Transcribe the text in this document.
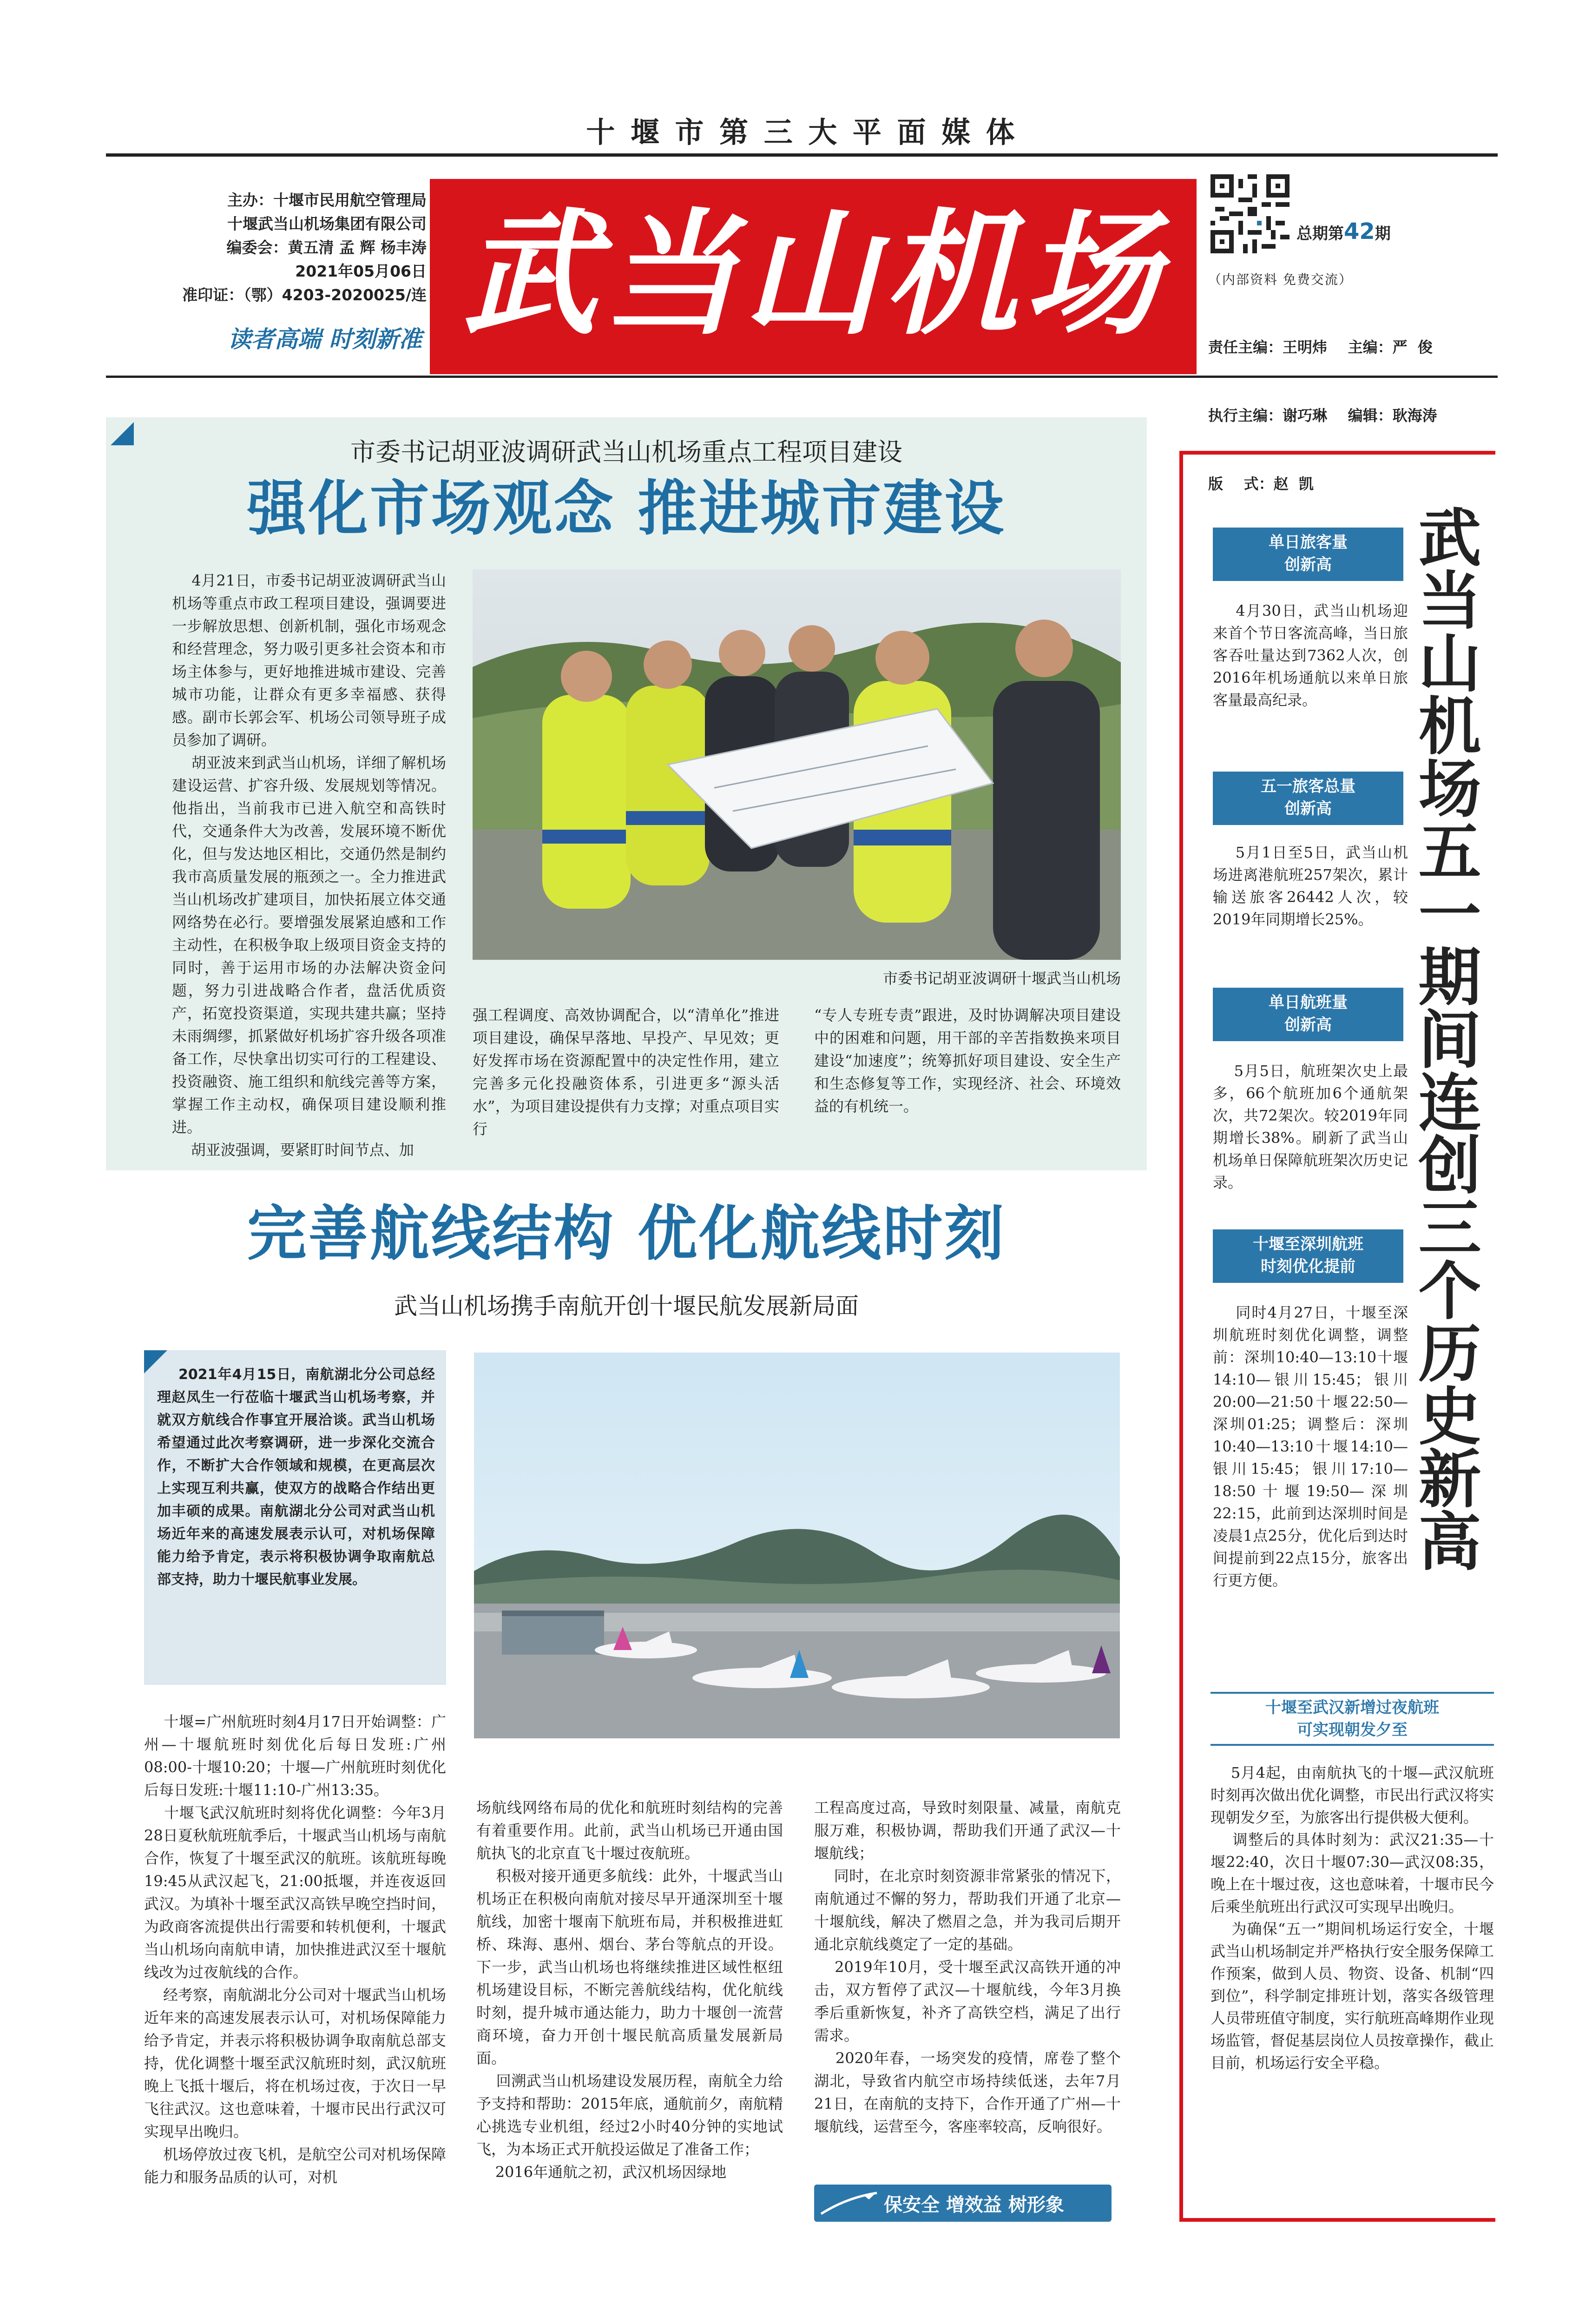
十 堰 市 第 三 大 平 面 媒 体
主办：十堰市民用航空管理局
十堰武当山机场集团有限公司
编委会：黄五清 孟 辉 杨丰涛
2021年05月06日
准印证：（鄂）4203-2020025/连
读者高端 时刻新准 武当山机场	总期第42期
（内部资料 免费交流）

责任主编：王明炜    主编：严  俊

执行主编：谢巧琳    编辑：耿海涛

版    式：赵  凯

市委书记胡亚波调研武当山机场重点工程项目建设
强化市场观念 推进城市建设
4月21日，市委书记胡亚波调研武当山机场等重点市政工程项目建设，强调要进一步解放思想、创新机制，强化市场观念和经营理念，努力吸引更多社会资本和市场主体参与，更好地推进城市建设、完善城市功能，让群众有更多幸福感、获得感。副市长郭会军、机场公司领导班子成员参加了调研。
胡亚波来到武当山机场，详细了解机场建设运营、扩容升级、发展规划等情况。他指出，当前我市已进入航空和高铁时代，交通条件大为改善，发展环境不断优化，但与发达地区相比，交通仍然是制约我市高质量发展的瓶颈之一。全力推进武当山机场改扩建项目，加快拓展立体交通网络势在必行。要增强发展紧迫感和工作主动性，在积极争取上级项目资金支持的同时，善于运用市场的办法解决资金问题，努力引进战略合作者，盘活优质资产，拓宽投资渠道，实现共建共赢；坚持未雨绸缪，抓紧做好机场扩容升级各项准备工作，尽快拿出切实可行的工程建设、投资融资、施工组织和航线完善等方案，掌握工作主动权，确保项目建设顺利推进。
胡亚波强调，要紧盯时间节点、加
市委书记胡亚波调研十堰武当山机场
强工程调度、高效协调配合，以“清单化”推进项目建设，确保早落地、早投产、早见效；更好发挥市场在资源配置中的决定性作用，建立完善多元化投融资体系，引进更多“源头活水”，为项目建设提供有力支撑；对重点项目实行
“专人专班专责”跟进，及时协调解决项目建设中的困难和问题，用干部的辛苦指数换来项目建设“加速度”；统筹抓好项目建设、安全生产和生态修复等工作，实现经济、社会、环境效益的有机统一。
完善航线结构 优化航线时刻
武当山机场携手南航开创十堰民航发展新局面
2021年4月15日，南航湖北分公司总经理赵凤生一行莅临十堰武当山机场考察，并就双方航线合作事宜开展洽谈。武当山机场希望通过此次考察调研，进一步深化交流合作，不断扩大合作领域和规模，在更高层次上实现互利共赢，使双方的战略合作结出更加丰硕的成果。南航湖北分公司对武当山机场近年来的高速发展表示认可，对机场保障能力给予肯定，表示将积极协调争取南航总部支持，助力十堰民航事业发展。
十堰=广州航班时刻4月17日开始调整：广州—十堰航班时刻优化后每日发班:广州08:00-十堰10:20；十堰—广州航班时刻优化后每日发班:十堰11:10-广州13:35。
十堰飞武汉航班时刻将优化调整：今年3月28日夏秋航班航季后，十堰武当山机场与南航合作，恢复了十堰至武汉的航班。该航班每晚19:45从武汉起飞，21:00抵堰，并连夜返回武汉。为填补十堰至武汉高铁早晚空挡时间，为政商客流提供出行需要和转机便利，十堰武当山机场向南航申请，加快推进武汉至十堰航线改为过夜航线的合作。
经考察，南航湖北分公司对十堰武当山机场近年来的高速发展表示认可，对机场保障能力给予肯定，并表示将积极协调争取南航总部支持，优化调整十堰至武汉航班时刻，武汉航班晚上飞抵十堰后，将在机场过夜，于次日一早飞往武汉。这也意味着，十堰市民出行武汉可实现早出晚归。
机场停放过夜飞机，是航空公司对机场保障能力和服务品质的认可，对机
场航线网络布局的优化和航班时刻结构的完善有着重要作用。此前，武当山机场已开通由国航执飞的北京直飞十堰过夜航班。
积极对接开通更多航线：此外，十堰武当山机场正在积极向南航对接尽早开通深圳至十堰航线，加密十堰南下航班布局，并积极推进虹桥、珠海、惠州、烟台、茅台等航点的开设。下一步，武当山机场也将继续推进区域性枢纽机场建设目标，不断完善航线结构，优化航线时刻，提升城市通达能力，助力十堰创一流营商环境，奋力开创十堰民航高质量发展新局面。
回溯武当山机场建设发展历程，南航全力给予支持和帮助：2015年底，通航前夕，南航精心挑选专业机组，经过2小时40分钟的实地试飞，为本场正式开航投运做足了准备工作；
2016年通航之初，武汉机场因绿地
工程高度过高，导致时刻限量、减量，南航克服万难，积极协调，帮助我们开通了武汉—十堰航线；
同时，在北京时刻资源非常紧张的情况下，南航通过不懈的努力，帮助我们开通了北京—十堰航线，解决了燃眉之急，并为我司后期开通北京航线奠定了一定的基础。
2019年10月，受十堰至武汉高铁开通的冲击，双方暂停了武汉—十堰航线，今年3月换季后重新恢复，补齐了高铁空档，满足了出行需求。
2020年春，一场突发的疫情，席卷了整个湖北，导致省内航空市场持续低迷，去年7月21日，在南航的支持下，合作开通了广州—十堰航线，运营至今，客座率较高，反响很好。
保安全 增效益 树形象
武
当
山
机
场
五
一
期
间
连
创
三
个
历
史
新
高
单日旅客量
创新高
4月30日，武当山机场迎来首个节日客流高峰，当日旅客吞吐量达到7362人次，创2016年机场通航以来单日旅客量最高纪录。
五一旅客总量
创新高
5月1日至5日，武当山机场进离港航班257架次，累计输送旅客26442人次，较2019年同期增长25%。
单日航班量
创新高
5月5日，航班架次史上最多，66个航班加6个通航架次，共72架次。较2019年同期增长38%。刷新了武当山机场单日保障航班架次历史记录。
十堰至深圳航班
时刻优化提前
同时4月27日，十堰至深圳航班时刻优化调整，调整前：深圳10:40—13:10十堰14:10—银川15:45；银川20:00—21:50十堰22:50—深圳01:25；调整后：深圳10:40—13:10十堰14:10—银川15:45；银川17:10—18:50十堰19:50—深圳22:15，此前到达深圳时间是凌晨1点25分，优化后到达时间提前到22点15分，旅客出行更方便。
十堰至武汉新增过夜航班
可实现朝发夕至
5月4起，由南航执飞的十堰—武汉航班时刻再次做出优化调整，市民出行武汉将实现朝发夕至，为旅客出行提供极大便利。
调整后的具体时刻为：武汉21:35—十堰22:40，次日十堰07:30—武汉08:35，晚上在十堰过夜，这也意味着，十堰市民今后乘坐航班出行武汉可实现早出晚归。
为确保“五一”期间机场运行安全，十堰武当山机场制定并严格执行安全服务保障工作预案，做到人员、物资、设备、机制“四到位”，科学制定排班计划，落实各级管理人员带班值守制度，实行航班高峰期作业现场监管，督促基层岗位人员按章操作，截止目前，机场运行安全平稳。
